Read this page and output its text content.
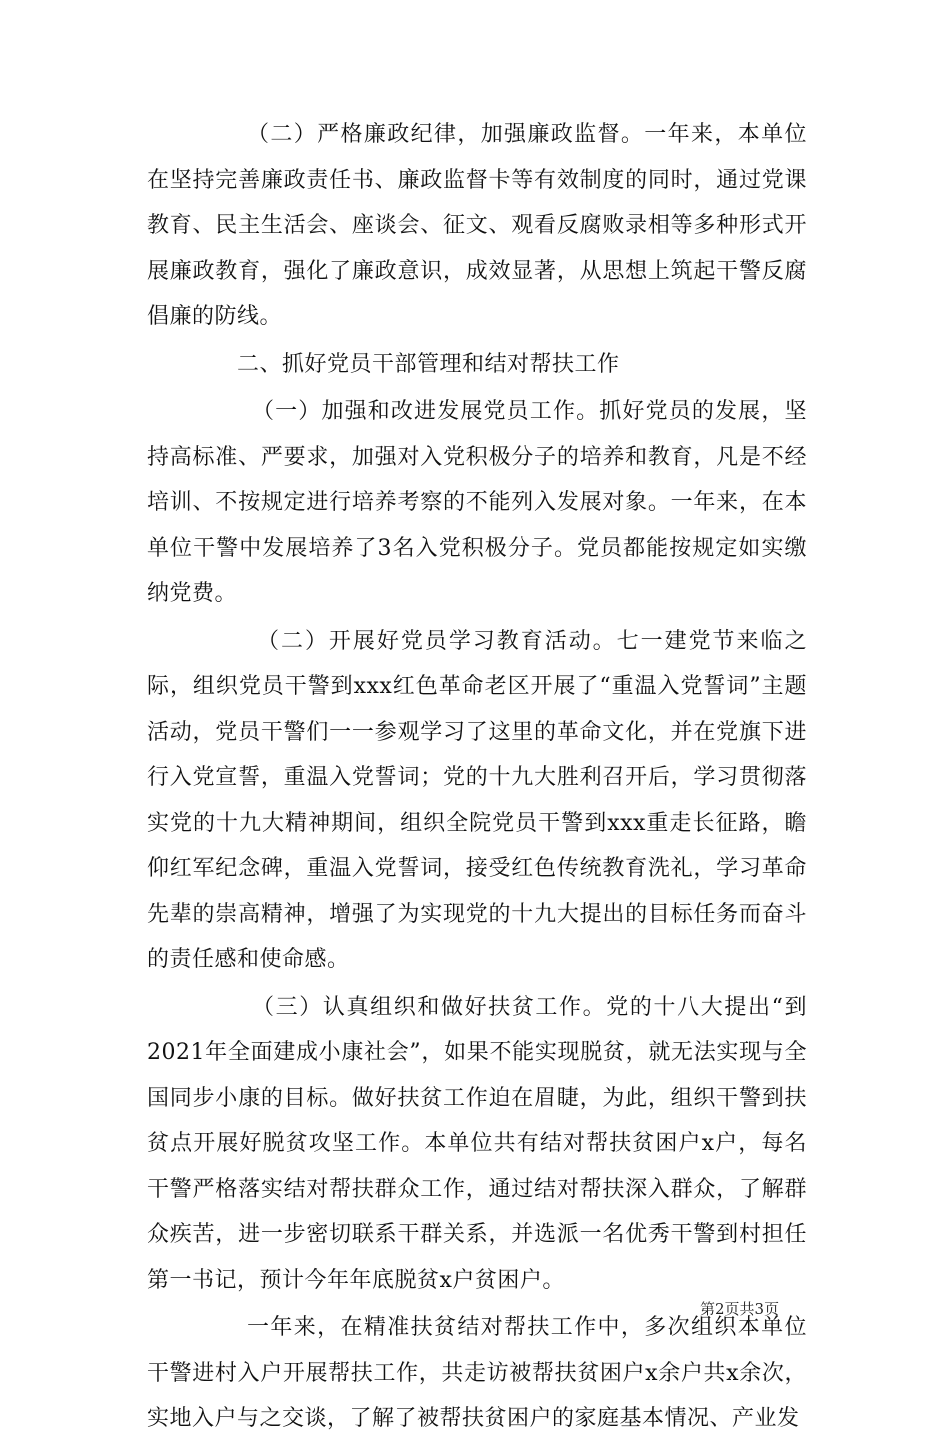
（二）严格廉政纪律，加强廉政监督。一年来，本单位在坚持完善廉政责任书、廉政监督卡等有效制度的同时，通过党课教育、民主生活会、座谈会、征文、观看反腐败录相等多种形式开展廉政教育，强化了廉政意识，成效显著，从思想上筑起干警反腐倡廉的防线。

二、抓好党员干部管理和结对帮扶工作

（一）加强和改进发展党员工作。抓好党员的发展，坚持高标准、严要求，加强对入党积极分子的培养和教育，凡是不经培训、不按规定进行培养考察的不能列入发展对象。一年来，在本单位干警中发展培养了3名入党积极分子。党员都能按规定如实缴纳党费。

（二）开展好党员学习教育活动。七一建党节来临之际，组织党员干警到xxx红色革命老区开展了“重温入党誓词”主题活动，党员干警们一一参观学习了这里的革命文化，并在党旗下进行入党宣誓，重温入党誓词；党的十九大胜利召开后，学习贯彻落实党的十九大精神期间，组织全院党员干警到xxx重走长征路，瞻仰红军纪念碑，重温入党誓词，接受红色传统教育洗礼，学习革命先辈的崇高精神，增强了为实现党的十九大提出的目标任务而奋斗的责任感和使命感。

（三）认真组织和做好扶贫工作。党的十八大提出“到2021年全面建成小康社会”，如果不能实现脱贫，就无法实现与全国同步小康的目标。做好扶贫工作迫在眉睫，为此，组织干警到扶贫点开展好脱贫攻坚工作。本单位共有结对帮扶贫困户x户，每名干警严格落实结对帮扶群众工作，通过结对帮扶深入群众，了解群众疾苦，进一步密切联系干群关系，并选派一名优秀干警到村担任第一书记，预计今年年底脱贫x户贫困户。

一年来，在精准扶贫结对帮扶工作中，多次组织本单位干警进村入户开展帮扶工作，共走访被帮扶贫困户x余户共x余次，实地入户与之交谈，了解了被帮扶贫困户的家庭基本情况、产业发

第2页共3页
